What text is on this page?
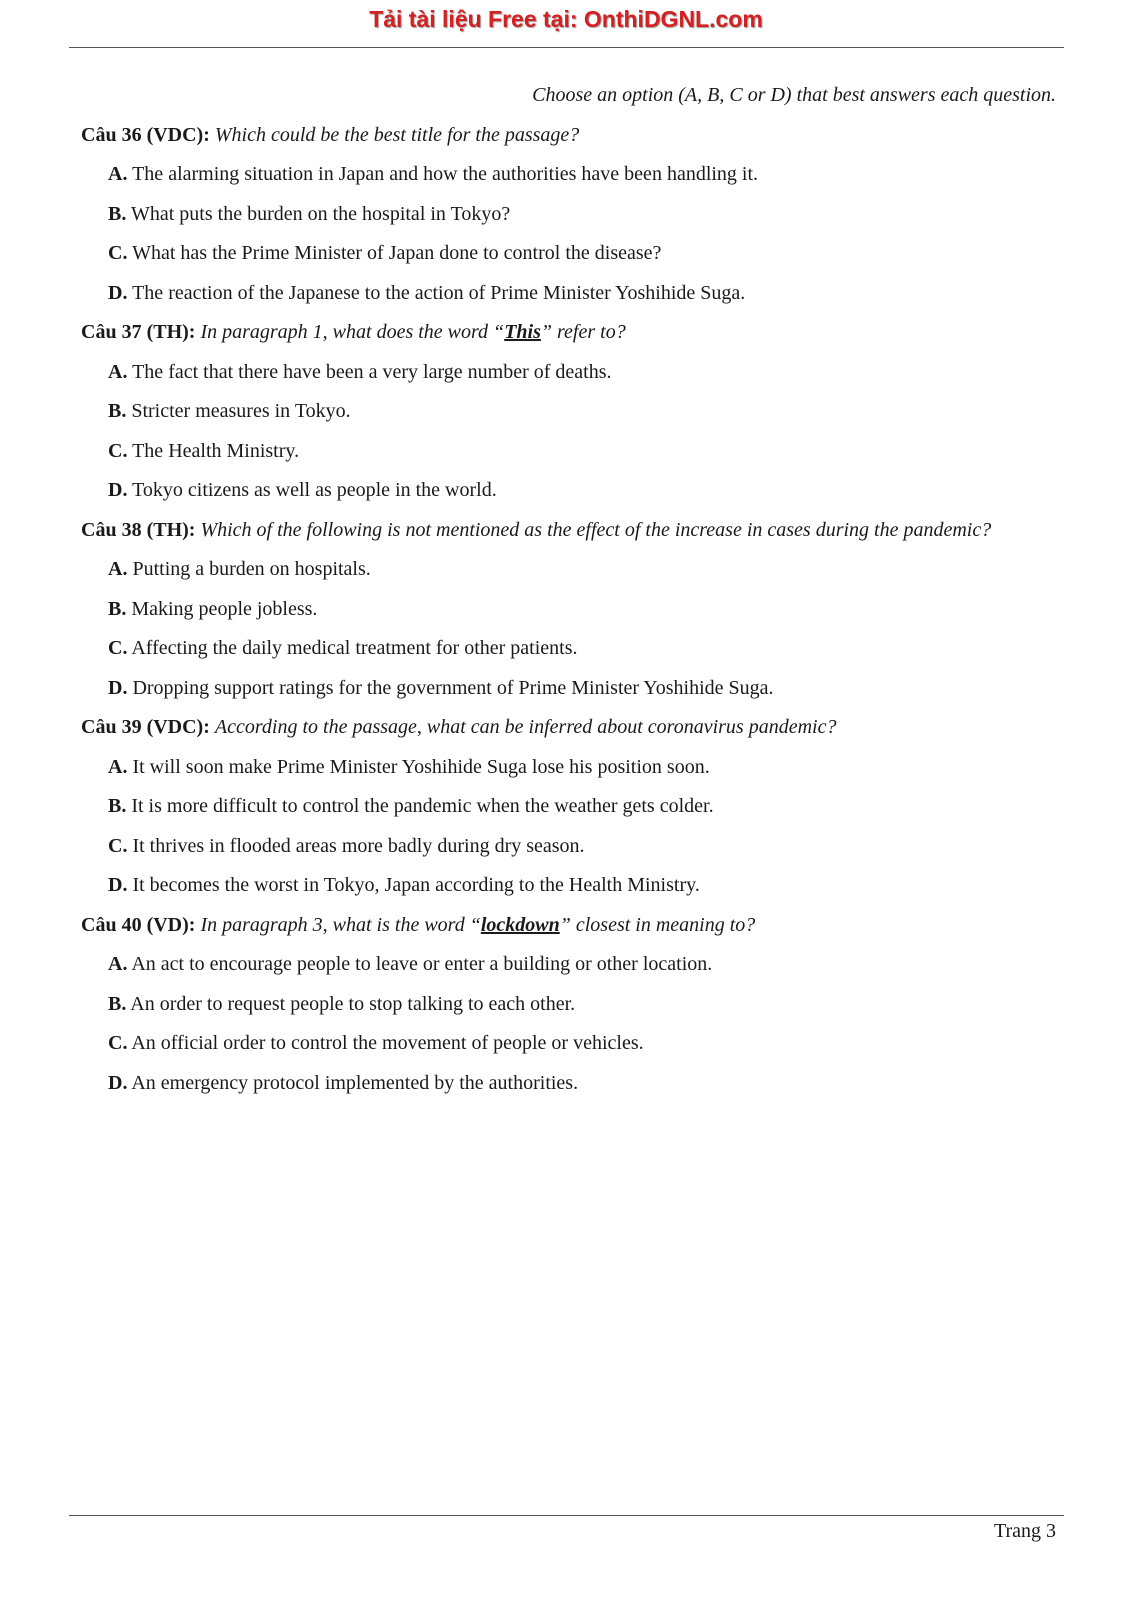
Tải tài liệu Free tại: OnthiDGNL.com
Choose an option (A, B, C or D) that best answers each question.
Câu 36 (VDC): Which could be the best title for the passage?
A. The alarming situation in Japan and how the authorities have been handling it.
B. What puts the burden on the hospital in Tokyo?
C. What has the Prime Minister of Japan done to control the disease?
D. The reaction of the Japanese to the action of Prime Minister Yoshihide Suga.
Câu 37 (TH): In paragraph 1, what does the word “This” refer to?
A. The fact that there have been a very large number of deaths.
B. Stricter measures in Tokyo.
C. The Health Ministry.
D. Tokyo citizens as well as people in the world.
Câu 38 (TH): Which of the following is not mentioned as the effect of the increase in cases during the pandemic?
A. Putting a burden on hospitals.
B. Making people jobless.
C. Affecting the daily medical treatment for other patients.
D. Dropping support ratings for the government of Prime Minister Yoshihide Suga.
Câu 39 (VDC): According to the passage, what can be inferred about coronavirus pandemic?
A. It will soon make Prime Minister Yoshihide Suga lose his position soon.
B. It is more difficult to control the pandemic when the weather gets colder.
C. It thrives in flooded areas more badly during dry season.
D. It becomes the worst in Tokyo, Japan according to the Health Ministry.
Câu 40 (VD): In paragraph 3, what is the word “lockdown” closest in meaning to?
A. An act to encourage people to leave or enter a building or other location.
B. An order to request people to stop talking to each other.
C. An official order to control the movement of people or vehicles.
D. An emergency protocol implemented by the authorities.
Trang 3
